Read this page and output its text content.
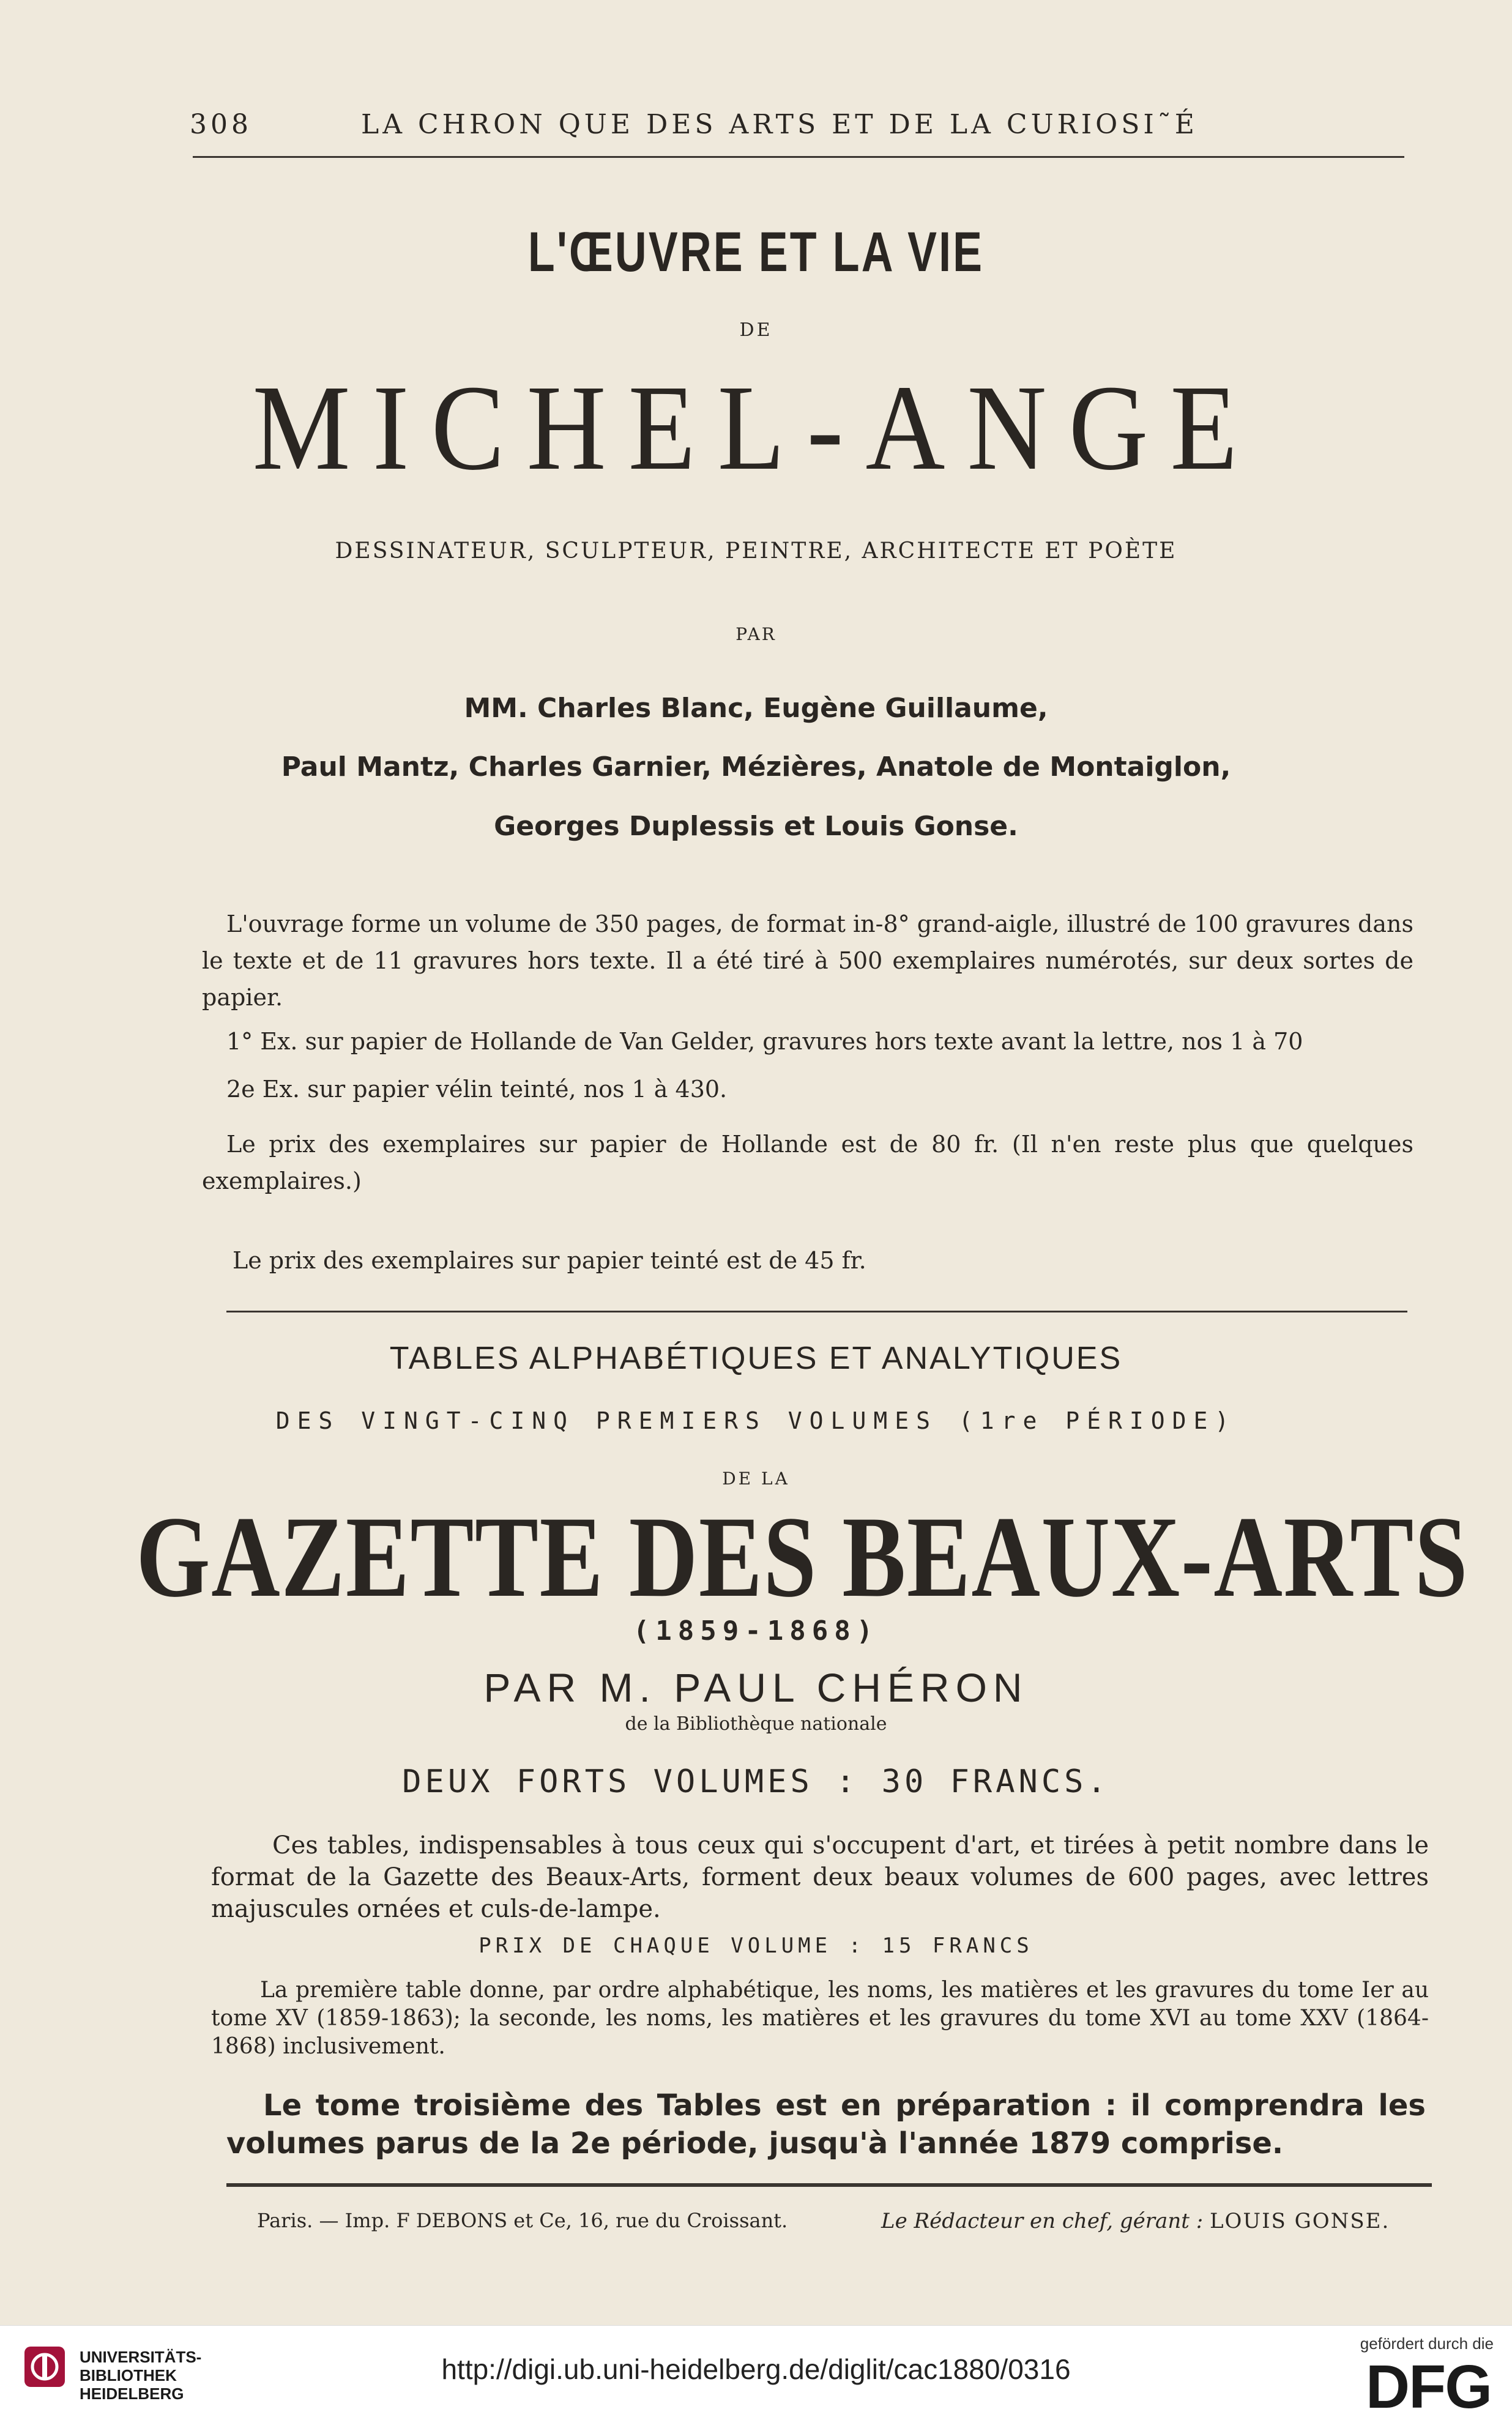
308	LA CHRON QUE DES ARTS ET DE LA CURIOSI˜É
L'ŒUVRE ET LA VIE
DE
MICHEL-ANGE
DESSINATEUR, SCULPTEUR, PEINTRE, ARCHITECTE ET POÈTE
PAR
MM. Charles Blanc, Eugène Guillaume,
Paul Mantz, Charles Garnier, Mézières, Anatole de Montaiglon,
Georges Duplessis et Louis Gonse.
L'ouvrage forme un volume de 350 pages, de format in-8° grand-aigle, illustré de 100 gravures dans le texte et de 11 gravures hors texte. Il a été tiré à 500 exemplaires numérotés, sur deux sortes de papier.
1° Ex. sur papier de Hollande de Van Gelder, gravures hors texte avant la lettre, nos 1 à 70
2e Ex. sur papier vélin teinté, nos 1 à 430.
Le prix des exemplaires sur papier de Hollande est de 80 fr. (Il n'en reste plus que quelques exemplaires.)
Le prix des exemplaires sur papier teinté est de 45 fr.
TABLES ALPHABÉTIQUES ET ANALYTIQUES
DES VINGT-CINQ PREMIERS VOLUMES (1re PÉRIODE)
DE LA
GAZETTE DES BEAUX-ARTS
(1859-1868)
PAR M. PAUL CHÉRON
de la Bibliothèque nationale
DEUX FORTS VOLUMES : 30 FRANCS.
Ces tables, indispensables à tous ceux qui s'occupent d'art, et tirées à petit nombre dans le format de la Gazette des Beaux-Arts, forment deux beaux volumes de 600 pages, avec lettres majuscules ornées et culs-de-lampe.
PRIX DE CHAQUE VOLUME : 15 FRANCS
La première table donne, par ordre alphabétique, les noms, les matières et les gravures du tome Ier au tome XV (1859-1863); la seconde, les noms, les matières et les gravures du tome XVI au tome XXV (1864-1868) inclusivement.
Le tome troisième des Tables est en préparation : il comprendra les volumes parus de la 2e période, jusqu'à l'année 1879 comprise.
Paris. — Imp. F DEBONS et Ce, 16, rue du Croissant.	Le Rédacteur en chef, gérant : LOUIS GONSE.
UNIVERSITÄTS-
BIBLIOTHEK
HEIDELBERG
http://digi.ub.uni-heidelberg.de/diglit/cac1880/0316
gefördert durch die
DFG
